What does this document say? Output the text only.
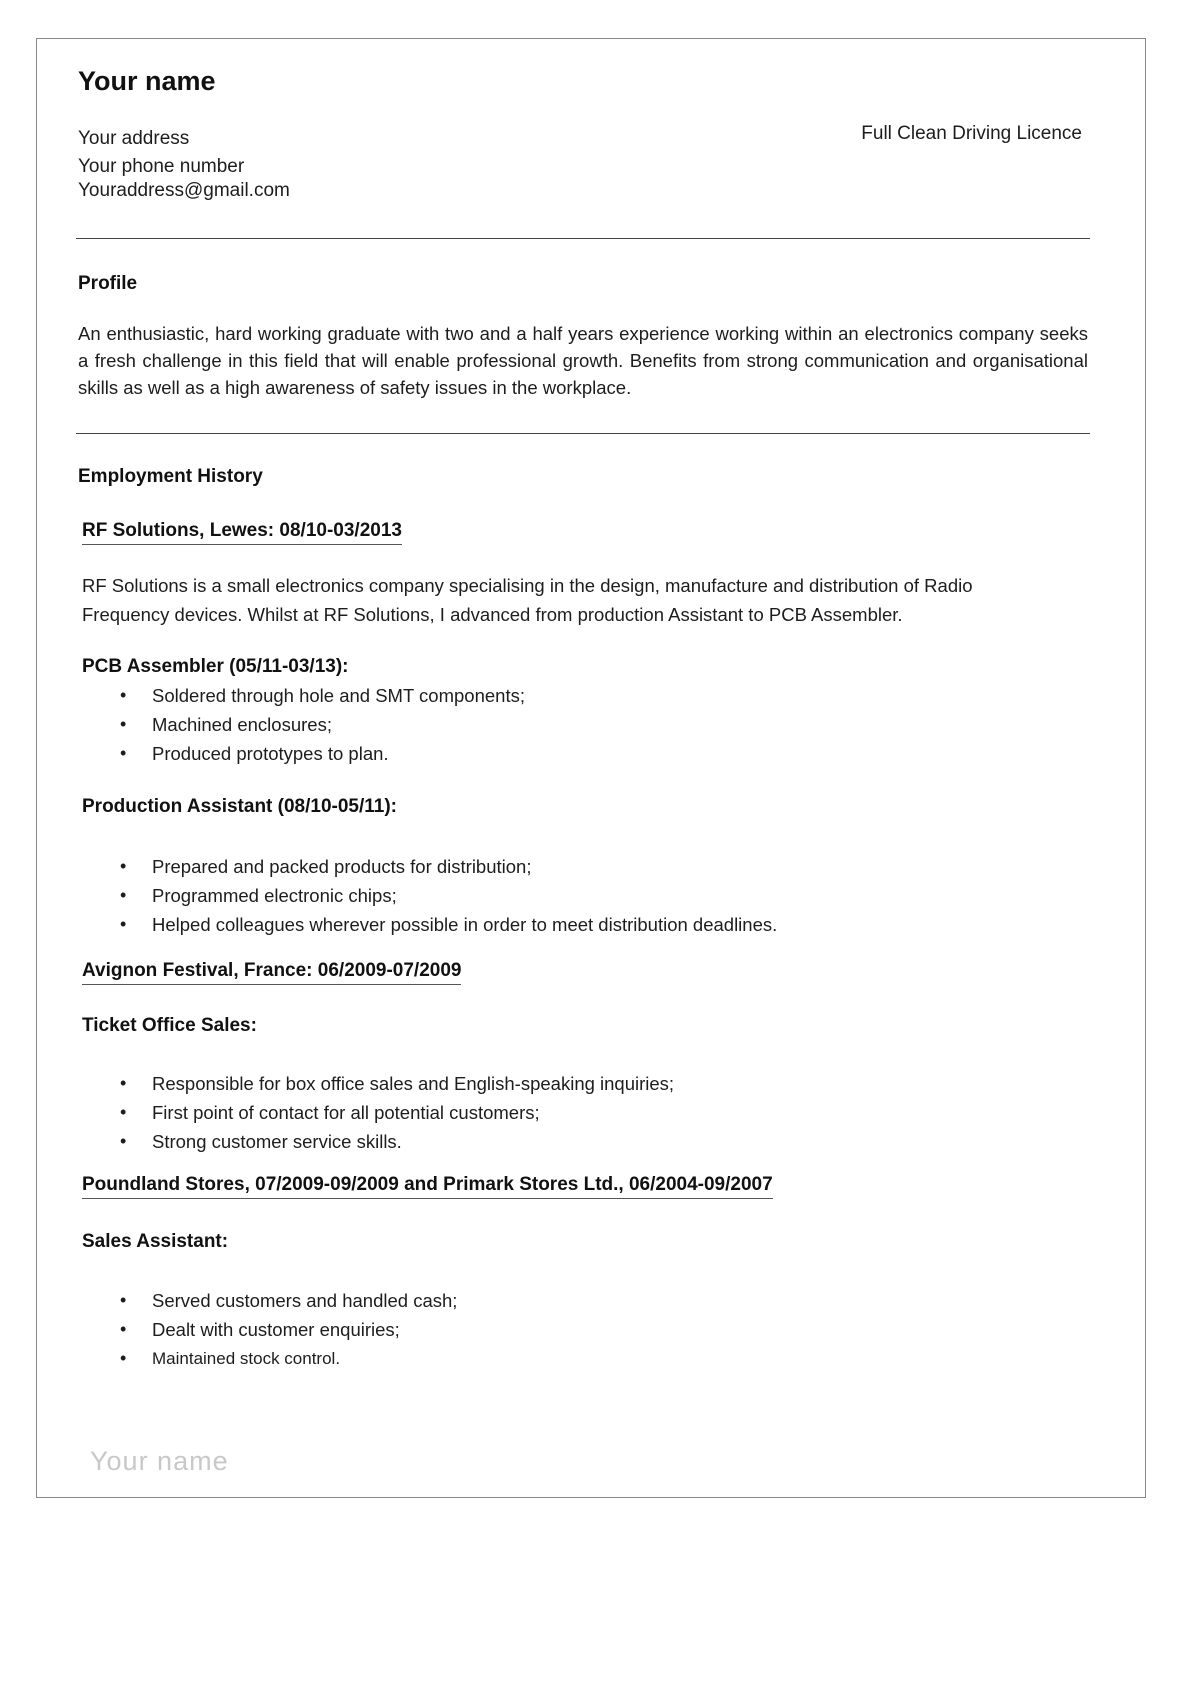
Your name
Your address
Your phone number
Youraddress@gmail.com
Full Clean Driving Licence
Profile
An enthusiastic, hard working graduate with two and a half years experience working within an electronics company seeks a fresh challenge in this field that will enable professional growth. Benefits from strong communication and organisational skills as well as a high awareness of safety issues in the workplace.
Employment History
RF Solutions, Lewes: 08/10-03/2013
RF Solutions is a small electronics company specialising in the design, manufacture and distribution of Radio Frequency devices. Whilst at RF Solutions, I advanced from production Assistant to PCB Assembler.
PCB Assembler (05/11-03/13):
• Soldered through hole and SMT components;
• Machined enclosures;
• Produced prototypes to plan.
Production Assistant (08/10-05/11):
• Prepared and packed products for distribution;
• Programmed electronic chips;
• Helped colleagues wherever possible in order to meet distribution deadlines.
Avignon Festival, France: 06/2009-07/2009
Ticket Office Sales:
• Responsible for box office sales and English-speaking inquiries;
• First point of contact for all potential customers;
• Strong customer service skills.
Poundland Stores, 07/2009-09/2009 and Primark Stores Ltd., 06/2004-09/2007
Sales Assistant:
• Served customers and handled cash;
• Dealt with customer enquiries;
• Maintained stock control.
Your name
